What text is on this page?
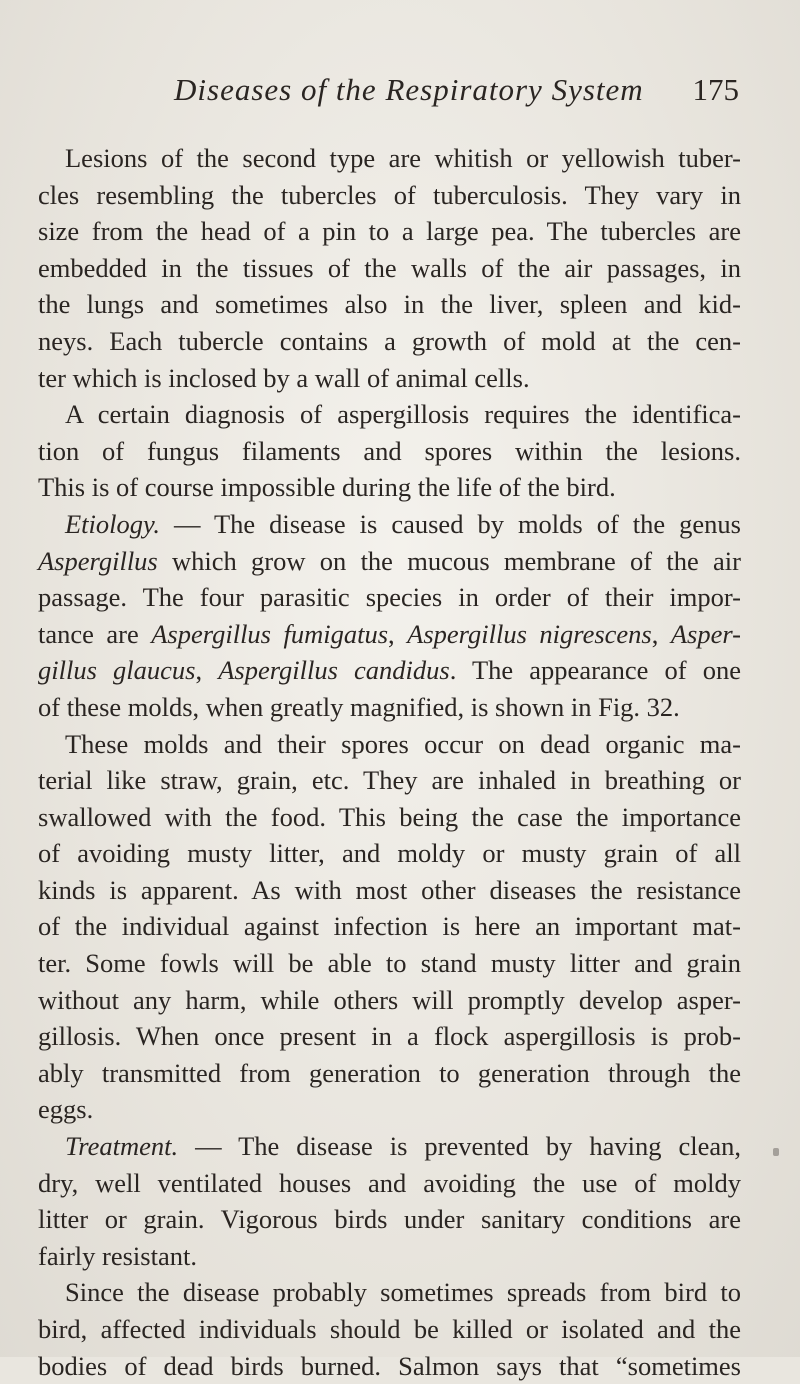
Diseases of the Respiratory System 175
Lesions of the second type are whitish or yellowish tuber-
cles resembling the tubercles of tuberculosis. They vary in
size from the head of a pin to a large pea. The tubercles are
embedded in the tissues of the walls of the air passages, in
the lungs and sometimes also in the liver, spleen and kid-
neys. Each tubercle contains a growth of mold at the cen-
ter which is inclosed by a wall of animal cells.
A certain diagnosis of aspergillosis requires the identifica-
tion of fungus filaments and spores within the lesions.
This is of course impossible during the life of the bird.
Etiology. — The disease is caused by molds of the genus
Aspergillus which grow on the mucous membrane of the air
passage. The four parasitic species in order of their impor-
tance are Aspergillus fumigatus, Aspergillus nigrescens, Asper-
gillus glaucus, Aspergillus candidus. The appearance of one
of these molds, when greatly magnified, is shown in Fig. 32.
These molds and their spores occur on dead organic ma-
terial like straw, grain, etc. They are inhaled in breathing or
swallowed with the food. This being the case the importance
of avoiding musty litter, and moldy or musty grain of all
kinds is apparent. As with most other diseases the resistance
of the individual against infection is here an important mat-
ter. Some fowls will be able to stand musty litter and grain
without any harm, while others will promptly develop asper-
gillosis. When once present in a flock aspergillosis is prob-
ably transmitted from generation to generation through the
eggs.
Treatment. — The disease is prevented by having clean,
dry, well ventilated houses and avoiding the use of moldy
litter or grain. Vigorous birds under sanitary conditions are
fairly resistant.
Since the disease probably sometimes spreads from bird to
bird, affected individuals should be killed or isolated and the
bodies of dead birds burned. Salmon says that “sometimes
